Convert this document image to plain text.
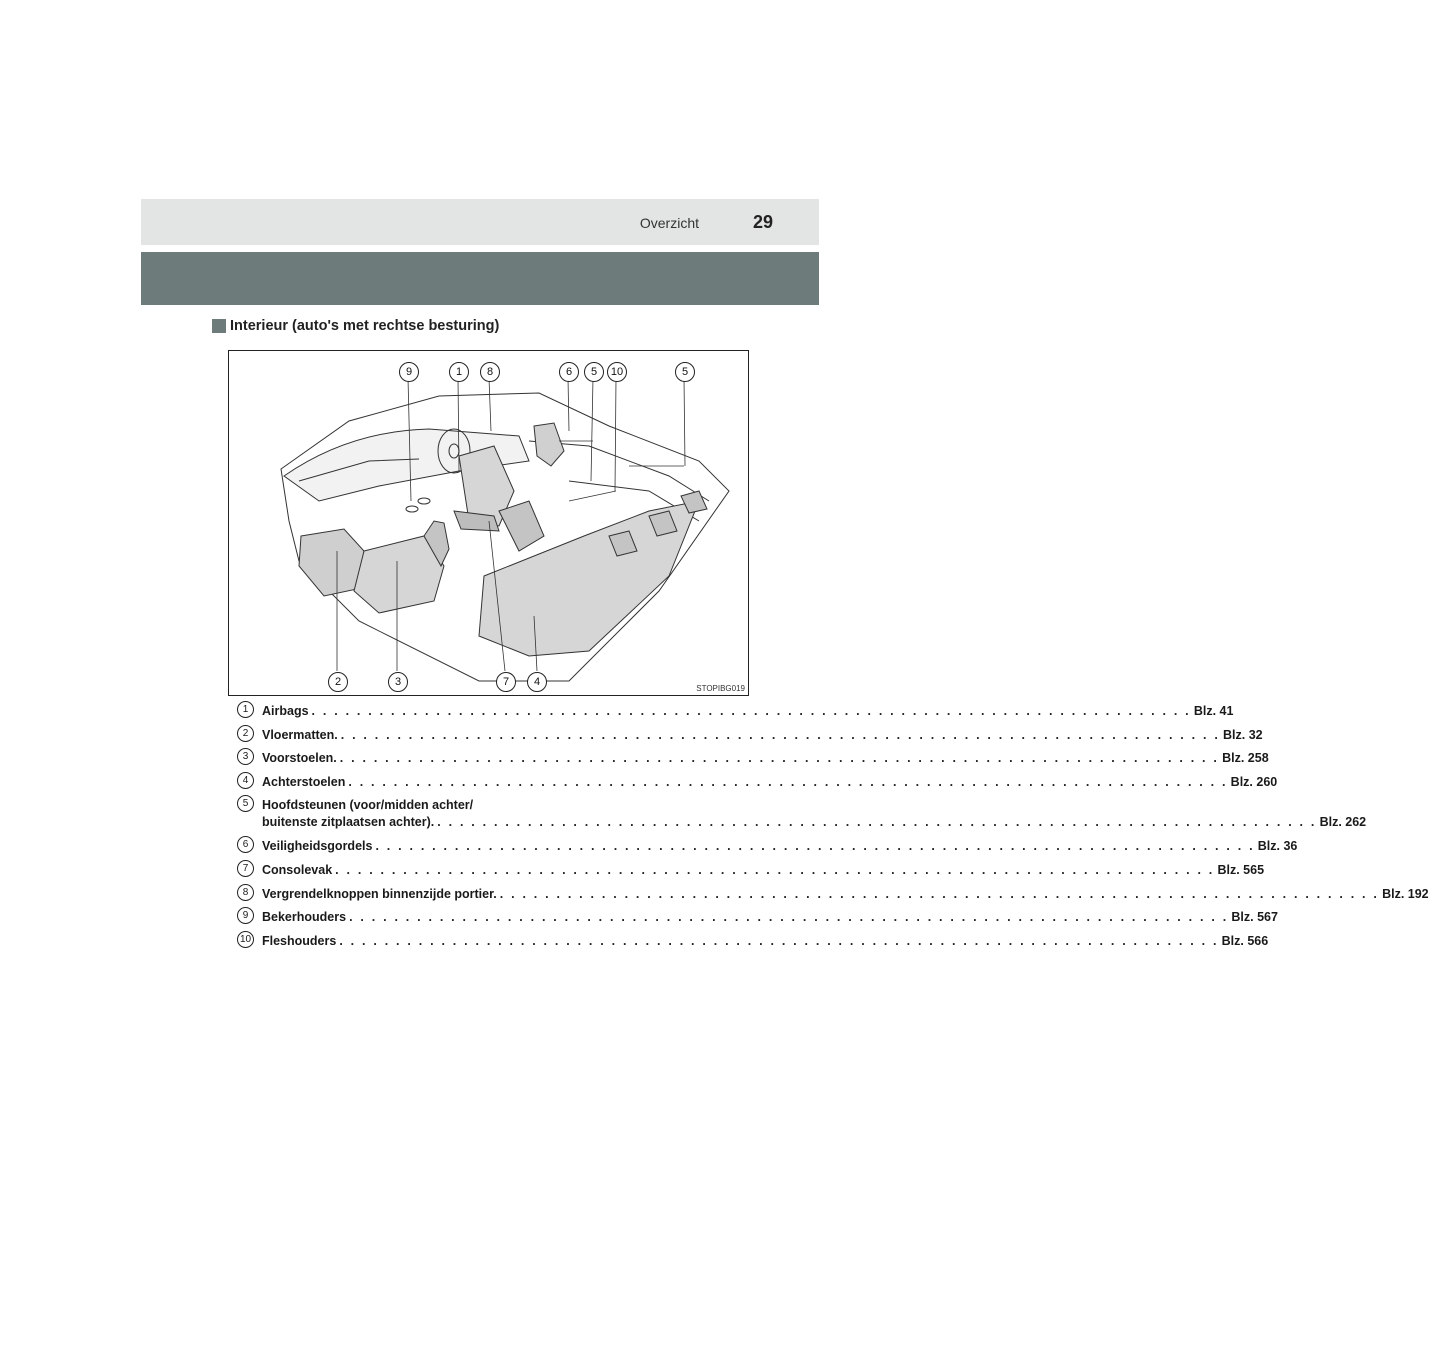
Overzicht	29
Interieur (auto's met rechtse besturing)
9	1	8	6	5	10	5
2	3	7	4
STOPIBG019
1	Airbags . . .	Blz. 41
2	Vloermatten. . . .	Blz. 32
3	Voorstoelen. . . .	Blz. 258
4	Achterstoelen . . .	Blz. 260
5	Hoofdsteunen (voor/midden achter/
buitenste zitplaatsen achter). . . .	Blz. 262
6	Veiligheidsgordels . . .	Blz. 36
7	Consolevak . . .	Blz. 565
8	Vergrendelknoppen binnenzijde portier. . . .	Blz. 192
9	Bekerhouders . . .	Blz. 567
10 Fleshouders . . .	Blz. 566
